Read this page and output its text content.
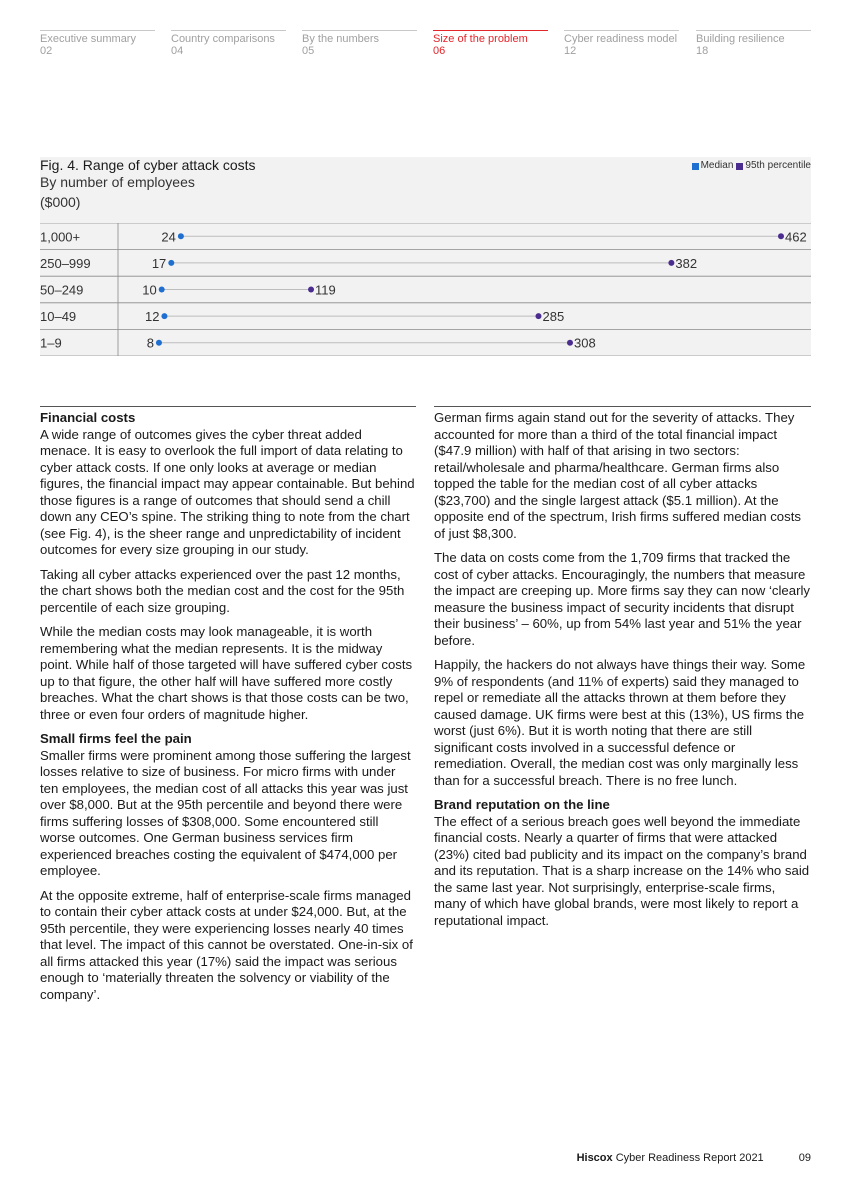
Executive summary
02
Country comparisons
04
By the numbers
05
Size of the problem
06
Cyber readiness model
12
Building resilience
18
Fig. 4. Range of cyber attack costs
By number of employees
($000)
Median 95th percentile
1,000+	24	462
250–999	17	382
50–249	10	119
10–49	12	285
1–9	8	308
Financial costs

A wide range of outcomes gives the cyber threat added menace. It is easy to overlook the full import of data relating to cyber attack costs. If one only looks at average or median figures, the financial impact may appear containable. But behind those figures is a range of outcomes that should send a chill down any CEO’s spine. The striking thing to note from the chart (see Fig. 4), is the sheer range and unpredictability of incident outcomes for every size grouping in our study.

Taking all cyber attacks experienced over the past 12 months, the chart shows both the median cost and the cost for the 95th percentile of each size grouping.

While the median costs may look manageable, it is worth remembering what the median represents. It is the midway point. While half of those targeted will have suffered cyber costs up to that figure, the other half will have suffered more costly breaches. What the chart shows is that those costs can be two, three or even four orders of magnitude higher.

Small firms feel the pain

Smaller firms were prominent among those suffering the largest losses relative to size of business. For micro firms with under ten employees, the median cost of all attacks this year was just over $8,000. But at the 95th percentile and beyond there were firms suffering losses of $308,000. Some encountered still worse outcomes. One German business services firm experienced breaches costing the equivalent of $474,000 per employee.

At the opposite extreme, half of enterprise-scale firms managed to contain their cyber attack costs at under $24,000. But, at the 95th percentile, they were experiencing losses nearly 40 times that level. The impact of this cannot be overstated. One-in-six of all firms attacked this year (17%) said the impact was serious enough to ‘materially threaten the solvency or viability of the company’.

German firms again stand out for the severity of attacks. They accounted for more than a third of the total financial impact ($47.9 million) with half of that arising in two sectors: retail/wholesale and pharma/healthcare. German firms also topped the table for the median cost of all cyber attacks ($23,700) and the single largest attack ($5.1 million). At the opposite end of the spectrum, Irish firms suffered median costs of just $8,300.

The data on costs come from the 1,709 firms that tracked the cost of cyber attacks. Encouragingly, the numbers that measure the impact are creeping up. More firms say they can now ‘clearly measure the business impact of security incidents that disrupt their business’ – 60%, up from 54% last year and 51% the year before.

Happily, the hackers do not always have things their way. Some 9% of respondents (and 11% of experts) said they managed to repel or remediate all the attacks thrown at them before they caused damage. UK firms were best at this (13%), US firms the worst (just 6%). But it is worth noting that there are still significant costs involved in a successful defence or remediation. Overall, the median cost was only marginally less than for a successful breach. There is no free lunch.

Brand reputation on the line

The effect of a serious breach goes well beyond the immediate financial costs. Nearly a quarter of firms that were attacked (23%) cited bad publicity and its impact on the company’s brand and its reputation. That is a sharp increase on the 14% who said the same last year. Not surprisingly, enterprise-scale firms, many of which have global brands, were most likely to report a reputational impact.

Hiscox Cyber Readiness Report 2021	09
